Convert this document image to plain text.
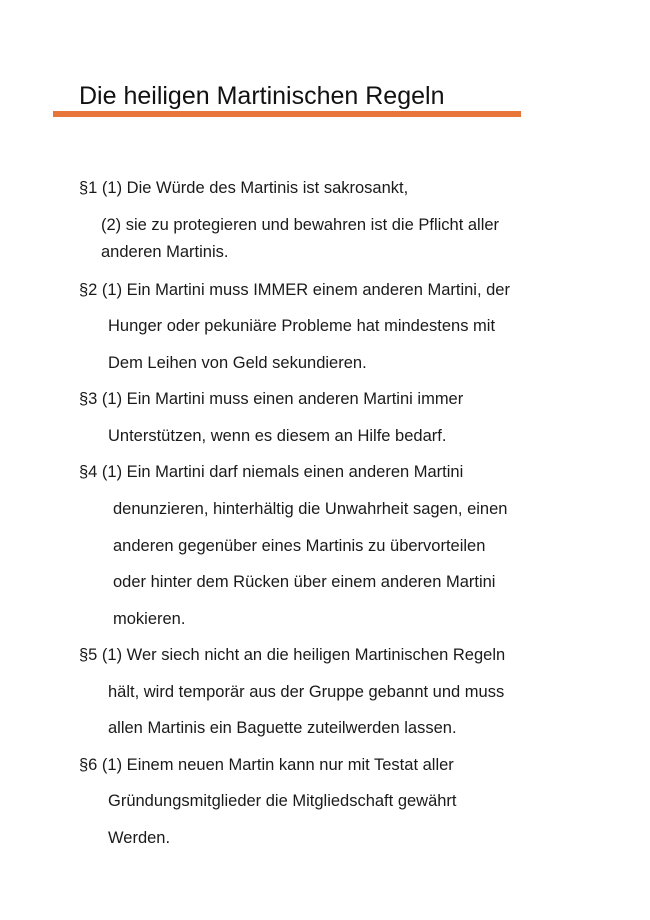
Die heiligen Martinischen Regeln
§1 (1) Die Würde des Martinis ist sakrosankt,
(2) sie zu protegieren und bewahren ist die Pflicht aller
anderen Martinis.
§2 (1) Ein Martini muss IMMER einem anderen Martini, der
Hunger oder pekuniäre Probleme hat mindestens mit
Dem Leihen von Geld sekundieren.
§3 (1) Ein Martini muss einen anderen Martini immer
Unterstützen, wenn es diesem an Hilfe bedarf.
§4 (1) Ein Martini darf niemals einen anderen Martini
denunzieren, hinterhältig die Unwahrheit sagen, einen
anderen gegenüber eines Martinis zu übervorteilen
oder hinter dem Rücken über einem anderen Martini
mokieren.
§5 (1) Wer siech nicht an die heiligen Martinischen Regeln
hält, wird temporär aus der Gruppe gebannt und muss
allen Martinis ein Baguette zuteilwerden lassen.
§6 (1) Einem neuen Martin kann nur mit Testat aller
Gründungsmitglieder die Mitgliedschaft gewährt
Werden.
